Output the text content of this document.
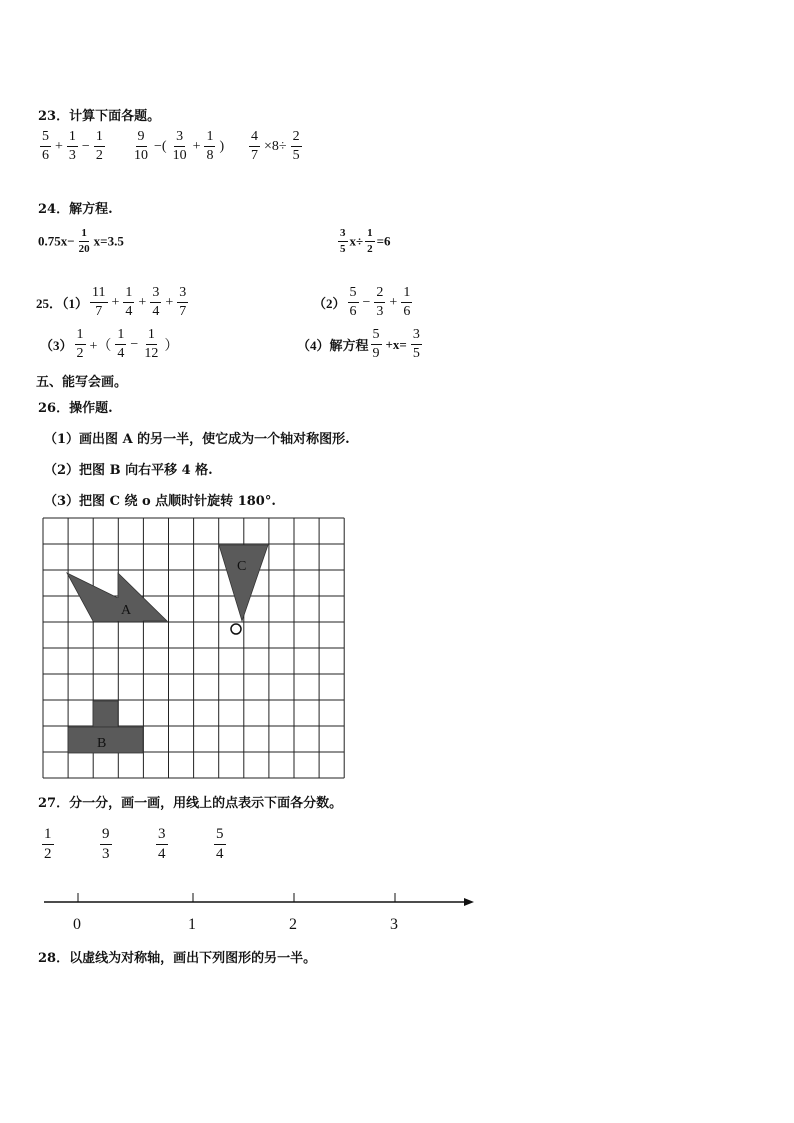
23．计算下面各题。
$\frac{5}{6} + \frac{1}{3} - \frac{1}{2} \frac{9}{10}$ −( $\frac{3}{10} + \frac{1}{8}$ ) $\frac{4}{7} \times 8\div \frac{2}{5}$
24．解方程.
$0.75x- \frac{1}{20} x=3.5$	$\frac{3}{5} x\div \frac{1}{2} =6$
25．$(1) \frac{11}{7} + \frac{1}{4} + \frac{3}{4} + \frac{3}{7}$	$(2) \frac{5}{6} - \frac{2}{3} + \frac{1}{6}$
$(3) \frac{1}{2}$ +（ $\frac{1}{4} - \frac{1}{12}$ ）	（4）解方程 $\frac{5}{9} +x= \frac{3}{5}$
五、能写会画。
26．操作题.
（1）画出图 A 的另一半，使它成为一个轴对称图形.
（2）把图 B 向右平移 4 格.
（3）把图 C 绕 o 点顺时针旋转 180°.
A
B
C
27．分一分，画一画，用线上的点表示下面各分数。
$\frac{1}{2}$	$\frac{9}{3}$	$\frac{3}{4}$	$\frac{5}{4}$
0	1	2	3
28．以虚线为对称轴，画出下列图形的另一半。
